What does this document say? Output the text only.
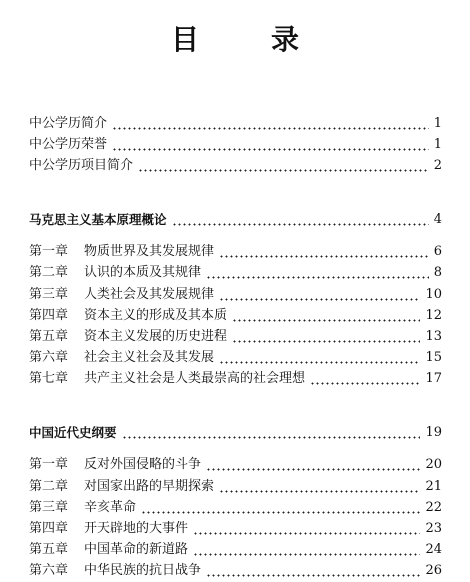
目　录
中公学历简介	1
中公学历荣誉	1
中公学历项目简介	2
马克思主义基本原理概论	4
第一章 物质世界及其发展规律	6
第二章 认识的本质及其规律	8
第三章 人类社会及其发展规律	10
第四章 资本主义的形成及其本质	12
第五章 资本主义发展的历史进程	13
第六章 社会主义社会及其发展	15
第七章 共产主义社会是人类最崇高的社会理想	17
中国近代史纲要	19
第一章 反对外国侵略的斗争	20
第二章 对国家出路的早期探索	21
第三章 辛亥革命	22
第四章 开天辟地的大事件	23
第五章 中国革命的新道路	24
第六章 中华民族的抗日战争	26
